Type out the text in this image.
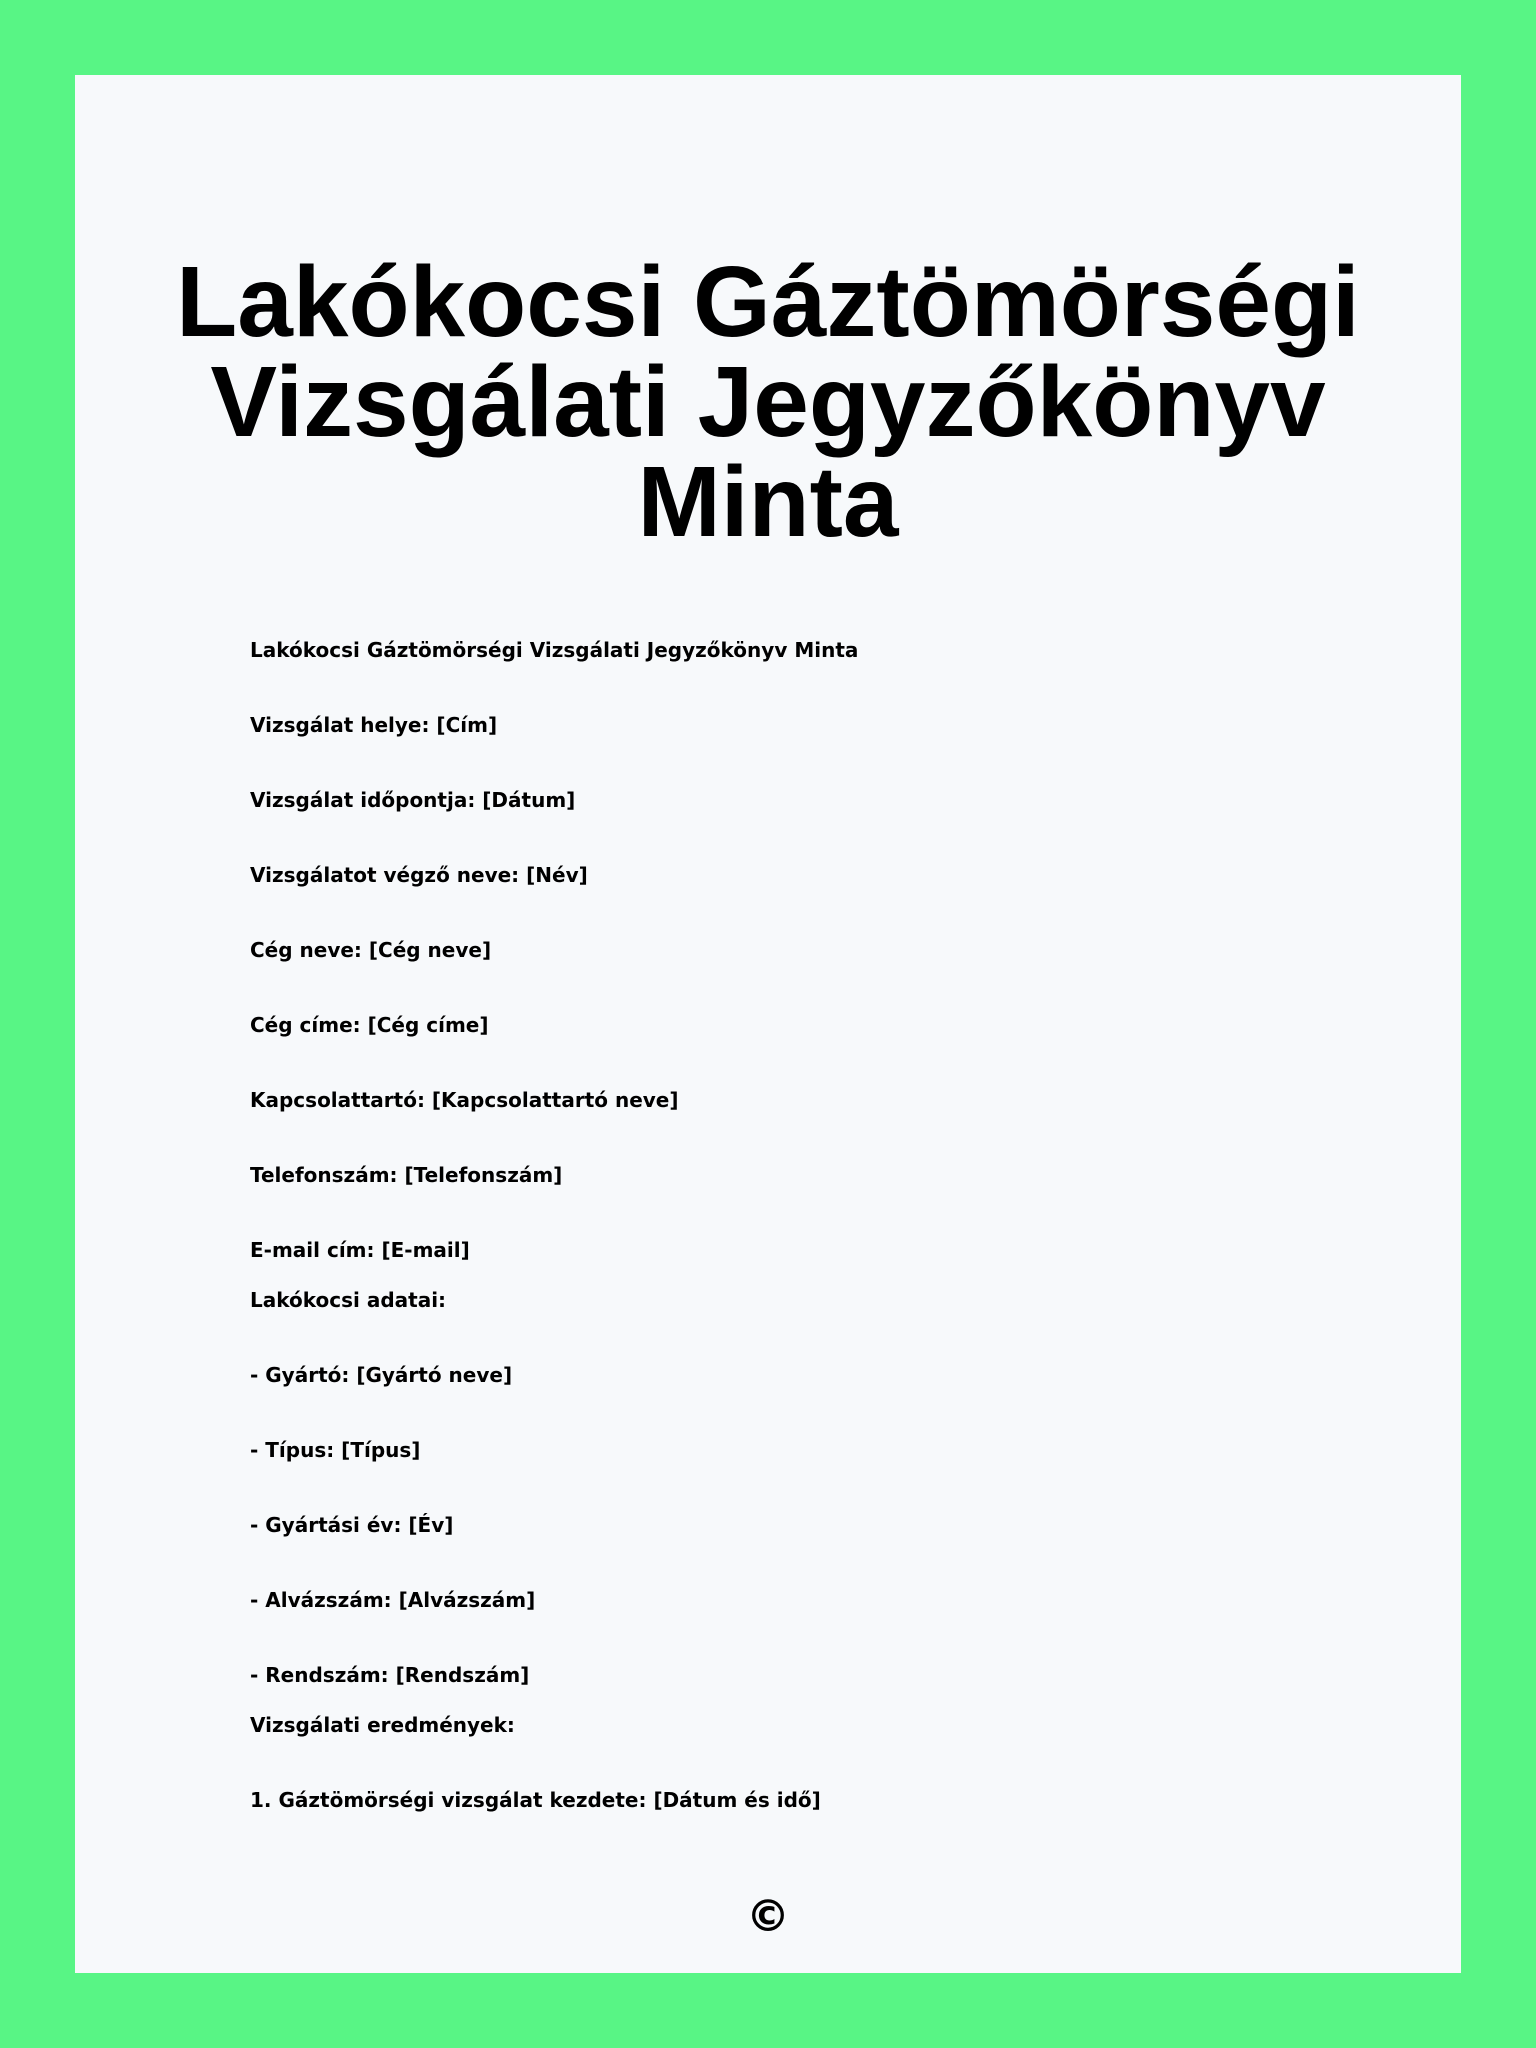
Lakókocsi Gáztömörségi
Vizsgálati Jegyzőkönyv
Minta

Lakókocsi Gáztömörségi Vizsgálati Jegyzőkönyv Minta

Vizsgálat helye: [Cím]

Vizsgálat időpontja: [Dátum]

Vizsgálatot végző neve: [Név]

Cég neve: [Cég neve]

Cég címe: [Cég címe]

Kapcsolattartó: [Kapcsolattartó neve]

Telefonszám: [Telefonszám]

E-mail cím: [E-mail]

Lakókocsi adatai:

- Gyártó: [Gyártó neve]

- Típus: [Típus]

- Gyártási év: [Év]

- Alvázszám: [Alvázszám]

- Rendszám: [Rendszám]

Vizsgálati eredmények:

1. Gáztömörségi vizsgálat kezdete: [Dátum és idő]

©
